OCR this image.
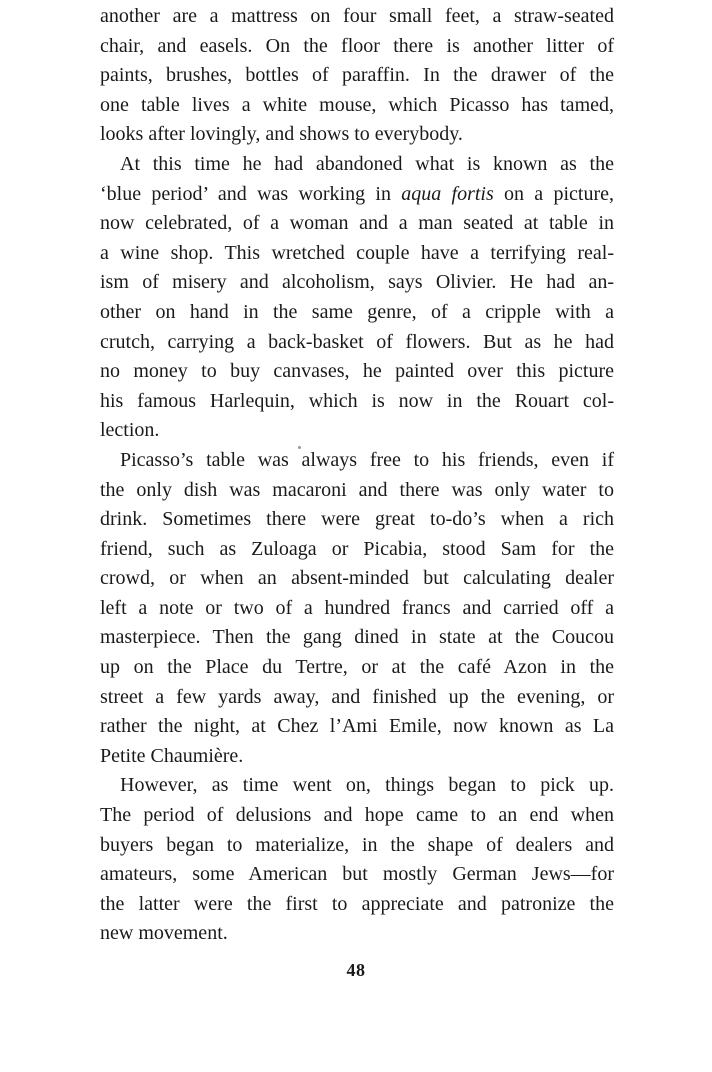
another are a mattress on four small feet, a straw-seated
chair, and easels. On the floor there is another litter of
paints, brushes, bottles of paraffin. In the drawer of the
one table lives a white mouse, which Picasso has tamed,
looks after lovingly, and shows to everybody.
At this time he had abandoned what is known as the
‘blue period’ and was working in aqua fortis on a picture,
now celebrated, of a woman and a man seated at table in
a wine shop. This wretched couple have a terrifying real-
ism of misery and alcoholism, says Olivier. He had an-
other on hand in the same genre, of a cripple with a
crutch, carrying a back-basket of flowers. But as he had
no money to buy canvases, he painted over this picture
his famous Harlequin, which is now in the Rouart col-
lection.
Picasso’s table was always free to his friends, even if
the only dish was macaroni and there was only water to
drink. Sometimes there were great to-do’s when a rich
friend, such as Zuloaga or Picabia, stood Sam for the
crowd, or when an absent-minded but calculating dealer
left a note or two of a hundred francs and carried off a
masterpiece. Then the gang dined in state at the Coucou
up on the Place du Tertre, or at the café Azon in the
street a few yards away, and finished up the evening, or
rather the night, at Chez l’Ami Emile, now known as La
Petite Chaumière.
However, as time went on, things began to pick up.
The period of delusions and hope came to an end when
buyers began to materialize, in the shape of dealers and
amateurs, some American but mostly German Jews—for
the latter were the first to appreciate and patronize the
new movement.
48
